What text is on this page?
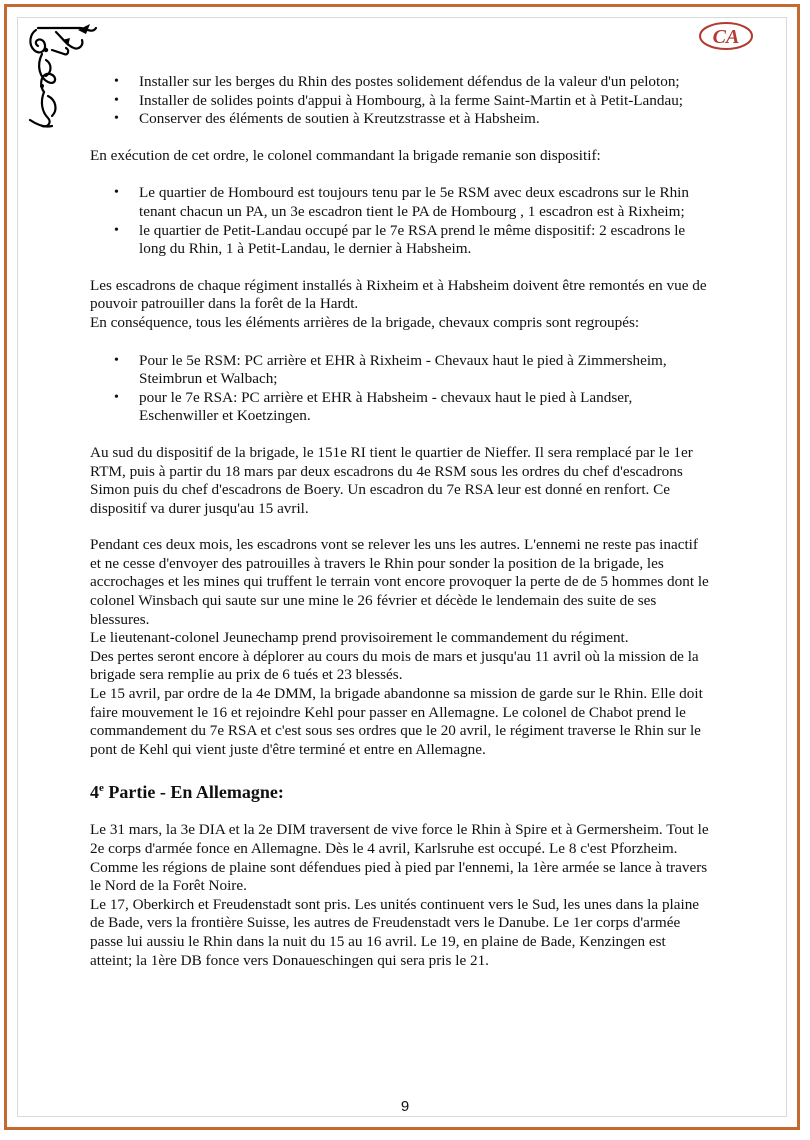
CA
• Installer sur les berges du Rhin des postes solidement défendus de la valeur d'un peloton;
• Installer de solides points d'appui à Hombourg, à la ferme Saint-Martin et à Petit-Landau;
• Conserver des éléments de soutien à Kreutzstrasse et à Habsheim.

En exécution de cet ordre, le colonel commandant la brigade remanie son dispositif:

• Le quartier de Hombourd est toujours tenu par le 5e RSM avec deux escadrons sur le Rhin tenant chacun un PA, un 3e escadron tient le PA de Hombourg , 1 escadron est à Rixheim;
• le quartier de Petit-Landau occupé par le 7e RSA prend le même dispositif: 2 escadrons le long du Rhin, 1 à Petit-Landau, le dernier à Habsheim.

Les escadrons de chaque régiment installés à Rixheim et à Habsheim doivent être remontés en vue de pouvoir patrouiller dans la forêt de la Hardt.

En conséquence, tous les éléments arrières de la brigade, chevaux compris sont regroupés:

• Pour le 5e RSM: PC arrière et EHR à Rixheim - Chevaux haut le pied à Zimmersheim, Steimbrun et Walbach;
• pour le 7e RSA: PC arrière et EHR à Habsheim - chevaux haut le pied à Landser, Eschenwiller et Koetzingen.

Au sud du dispositif de la brigade, le 151e RI tient le quartier de Nieffer. Il sera remplacé par le 1er RTM, puis à partir du 18 mars par deux escadrons du 4e RSM sous les ordres du chef d'escadrons Simon puis du chef d'escadrons de Boery. Un escadron du 7e RSA leur est donné en renfort. Ce dispositif va durer jusqu'au 15 avril.

Pendant ces deux mois, les escadrons vont se relever les uns les autres. L'ennemi ne reste pas inactif et ne cesse d'envoyer des patrouilles à travers le Rhin pour sonder la position de la brigade, les accrochages et les mines qui truffent le terrain vont encore provoquer la perte de de 5 hommes dont le colonel Winsbach qui saute sur une mine le 26 février et décède le lendemain des suite de ses blessures.

Le lieutenant-colonel Jeunechamp prend provisoirement le commandement du régiment.

Des pertes seront encore à déplorer au cours du mois de mars et jusqu'au 11 avril où la mission de la brigade sera remplie au prix de 6 tués et 23 blessés.

Le 15 avril, par ordre de la 4e DMM, la brigade abandonne sa mission de garde sur le Rhin. Elle doit faire mouvement le 16 et rejoindre Kehl pour passer en Allemagne. Le colonel de Chabot prend le commandement du 7e RSA et c'est sous ses ordres que le 20 avril, le régiment traverse le Rhin sur le pont de Kehl qui vient juste d'être terminé et entre en Allemagne.

4e Partie - En Allemagne:

Le 31 mars, la 3e DIA et la 2e DIM traversent de vive force le Rhin à Spire et à Germersheim. Tout le 2e corps d'armée fonce en Allemagne. Dès le 4 avril, Karlsruhe est occupé. Le 8 c'est Pforzheim. Comme les régions de plaine sont défendues pied à pied par l'ennemi, la 1ère armée se lance à travers le Nord de la Forêt Noire.

Le 17, Oberkirch et Freudenstadt sont pris. Les unités continuent vers le Sud, les unes dans la plaine de Bade, vers la frontière Suisse, les autres de Freudenstadt vers le Danube. Le 1er corps d'armée passe lui aussiu le Rhin dans la nuit du 15 au 16 avril. Le 19, en plaine de Bade, Kenzingen est atteint; la 1ère DB fonce vers Donaueschingen qui sera pris le 21.

9
